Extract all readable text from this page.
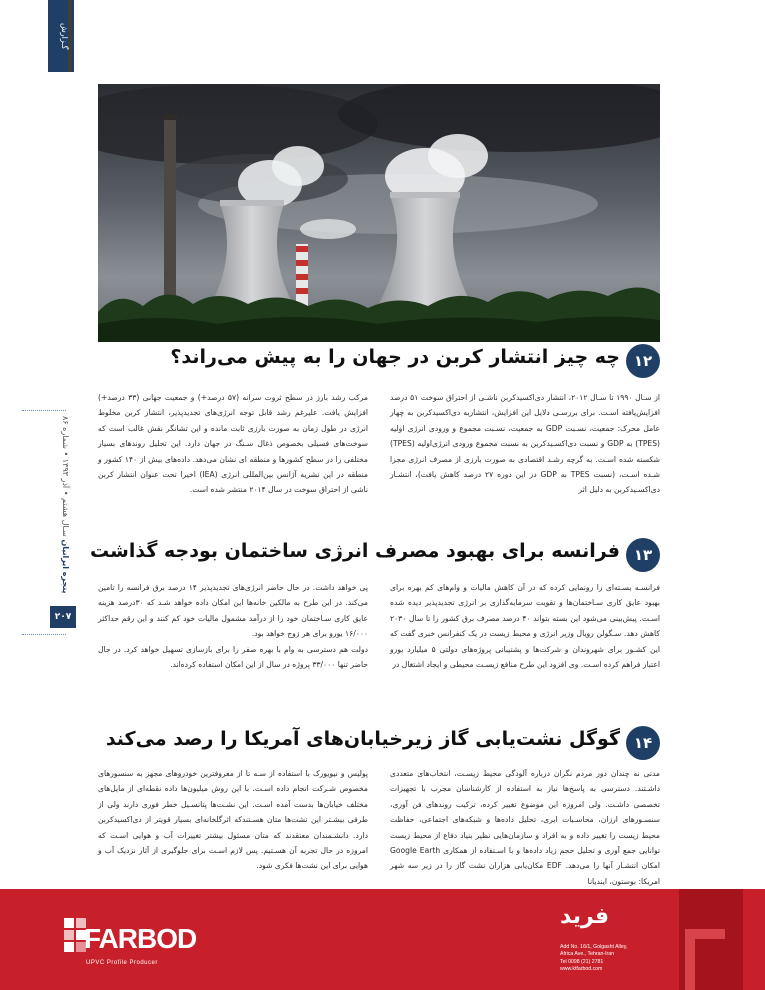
گـزارش
پنجره ایرانیان سـال هشتم • آذر ۱۳۹۳ • شماره ۸۶
۲۰۷
۱۲
چه چیز انتشار کربن در جهان را به پیش می‌راند؟

از سـال ۱۹۹۰ تا سـال ۲۰۱۲، انتشار دی‌اکسیدکربن ناشـی از احتراق سوخت ۵۱ درصد افزایش‌یافته اسـت. برای بررسـی دلایل این افزایش، انتشاربه دی‌اکسیدکربن به چهار عامل محرک: جمعیت، نسـبت GDP به جمعیت، نسـبت مجموع و ورودی انرژی اولیه (TPES) به GDP و نسبت دی‌اکسـیدکربن به نسبت مجموع ورودی انرژی‌اولیه (TPES) شکسته شده اسـت. به گرچه رشـد اقتصادی به صورت بارزی از مصرف انرژی مجزا شـده اسـت، (نسبت TPES به GDP در این دوره ۲۷ درصد کاهش یافت)، انتشـار دی‌اکسـیدکربن به دلیل اثر

مرکب رشد بارز در سطح ثروت سرانه (۵۷ درصد+) و جمعیت جهانی (۳۳ درصد+) افزایش یافت. علیرغم رشد قابل توجه انرژی‌های تجدیدپذیر، انتشار کربن مخلوط انرژی در طول زمان به صورت بارزی ثابت مانده و این تشانگر نقش غالب است که سوخت‌های فسیلی بخصوص ذغال سـنگ در جهان دارد. این تحلیل روندهای بسیار مختلفی را در سطح کشورها و منطقه ای نشان می‌دهد. داده‌های بیش از ۱۴۰ کشور و منطقه در این نشریه آژانس بین‌المللی انرژی (IEA) اخیرا تحت عنوان انتشار کربن ناشی از احتراق سوخت در سال ۲۰۱۴ منتشر شده است.

۱۳
فرانسه برای بهبود مصرف انرژی ساختمان بودجه گذاشت

فرانسـه بسـته‌ای را رونمایی کرده که در آن کاهش مالیات و وام‌های کم بهره برای بهبود عایق کاری سـاختمان‌ها و تقویت سرمایه‌گذاری بر انرژی تجدیدپذیر دیده شده اسـت. پیش‌بینی می‌شود این بسته بتواند ۴۰ درصد مصرف برق کشور را تا سال ۲۰۳۰ کاهش دهد. سـگولن رویال وزیر انرژی و محیط زیست در یک کنفرانس خبری گفت که این کشـور برای شهروندان و شرکت‌ها و پشتیبانی پروژه‌های دولتی ۵ میلیارد یورو اعتبار فراهم کرده اسـت. وی افزود این طرح منافع زیسـت محیطی و ایجاد اشتغال در

پی خواهد داشت. در حال حاضر انرژی‌های تجدیدپذیر ۱۴ درصد برق فرانسه را تامین می‌کند. در این طرح به مالکین خانه‌ها این امکان داده خواهد شـد که ۳۰درصد هزینه عایق کاری سـاختمان خود را از درآمد مشمول مالیات خود کم کنند و این رقم حداکثر ۱۶/۰۰۰ یورو برای هر زوج خواهد بود.

دولت هم دسترسی به وام با بهره صفر را برای بازسازی تسهیل خواهد کرد. در حال حاضر تنها ۳۳/۰۰۰ پروژه در سال از این امکان استفاده کرده‌اند.

۱۴
گوگل نشت‌یابی گاز زیرخیابان‌های آمریکا را رصد می‌کند

مدتی نه چندان دور مردم نگران درباره آلودگی محیط زیسـت، انتخاب‌های متعددی داشـتند. دسترسی به پاسخ‌ها نیاز به استفاده از کارشناسان مجرب با تجهیزات تخصصی داشـت. ولی امروزه این موضوع تغییر کرده، ترکیب روندهای فن آوری، سنسـورهای ارزان، محاسـبات ابری، تحلیل داده‌ها و شبکه‌های اجتماعی، حفاظت محیط زیست را تغییر داده و به افراد و سازمان‌هایی نظیر بنیاد دفاع از محیط زیست توانایی جمع آوری و تحلیل حجم زیاد داده‌ها و با اسـتفاده از همکاری Google Earth امکان انتشـار آنها را می‌دهد. EDF مکان‌یابی هزاران نشت گاز را در زیر سه شهر امریکا: بوستون، ایندیانا

پولیس و نیویورک با استفاده از سـه تا از معروفترین خودروهای مجهز به سنسورهای مخصوص شـرکت انجام داده اسـت. با این روش میلیون‌ها داده نقطه‌ای از مایل‌های مختلف خیابان‌ها بدست آمده اسـت. این نشـت‌ها پتانسـیل خطر فوری دارند ولی از طرفی بیشـتر این نشت‌ها متان هسـتندکه اثرگلخانه‌ای بسیار قویتر از دی‌اکسیدکربن دارد. دانشـمندان معتقدند که متان مسئول بیشتر تغییرات آب و هوایی اسـت که امروزه در حال تجربه آن هسـتیم. پس لازم اسـت برای جلوگیری از آثار نزدیک آب و هوایی برای این نشت‌ها فکری شود.

FARBOD
UPVC Profile Producer
فرید
Add No. 16/1, Golgasht Alley,
Africa Ave., Tehran-Iran
Tel 0098 (21) 2781
www.ktfarbod.com
